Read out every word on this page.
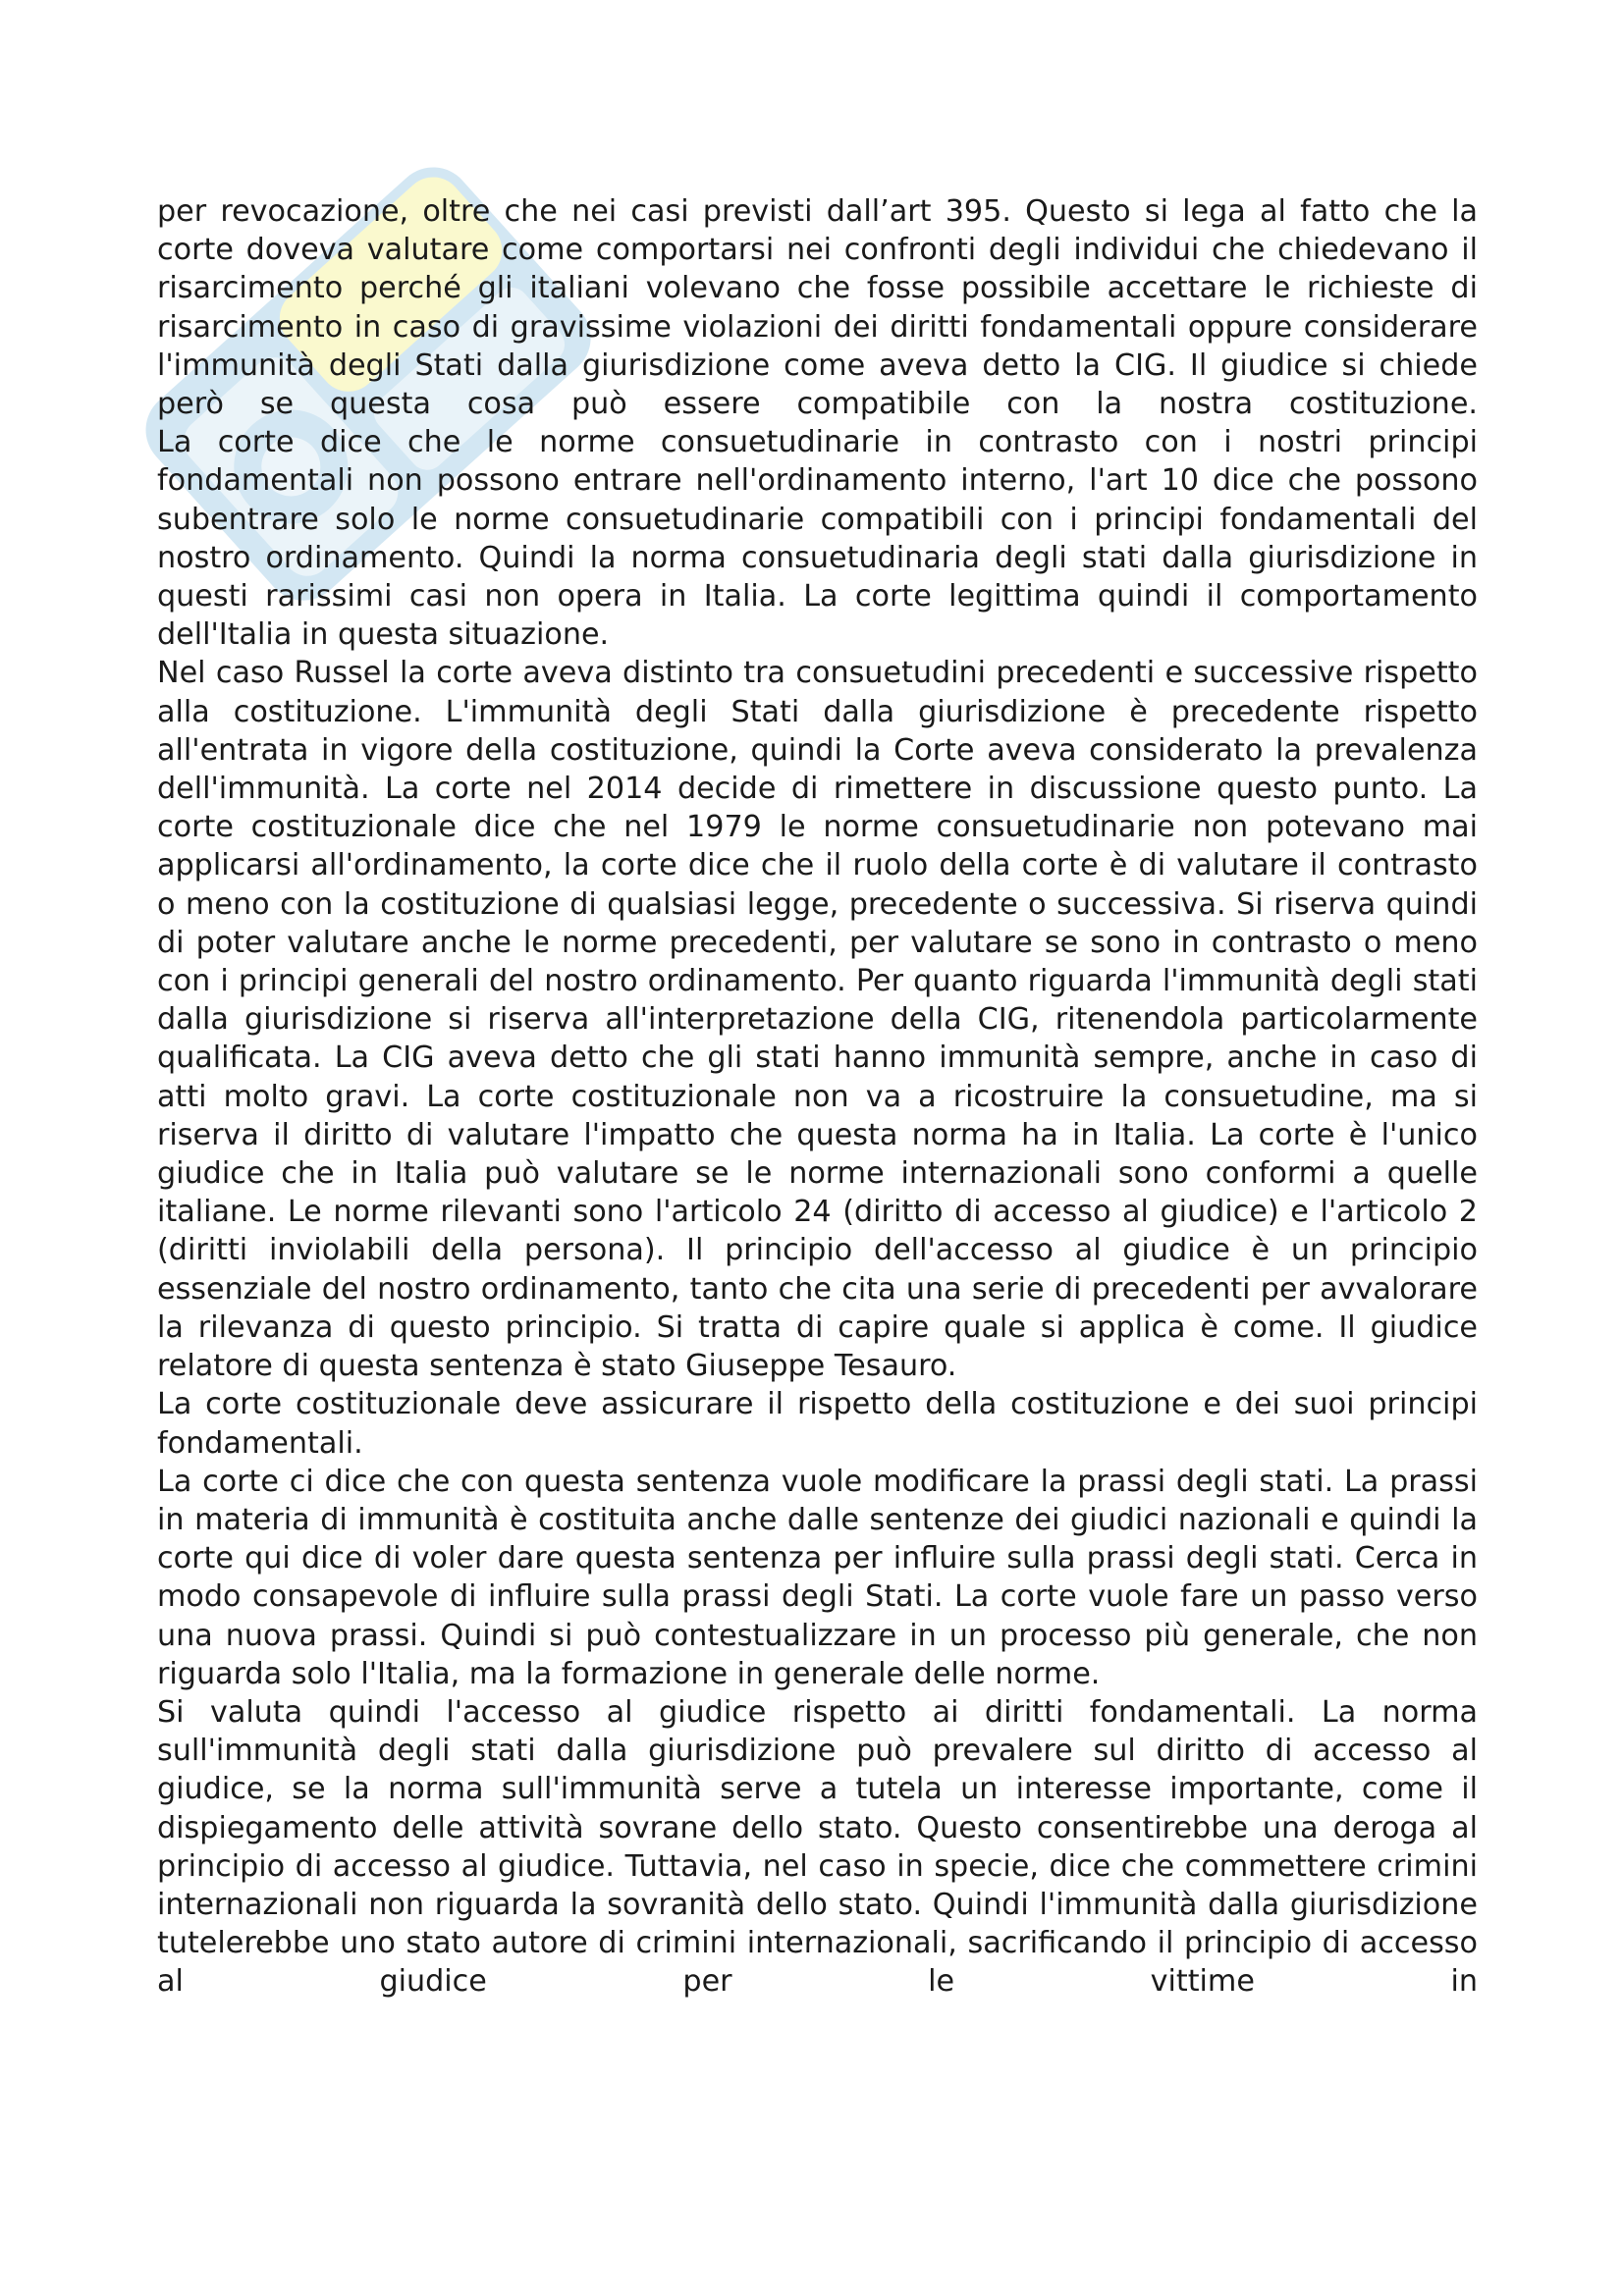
per revocazione, oltre che nei casi previsti dall’art 395. Questo si lega al fatto che la corte doveva valutare come comportarsi nei confronti degli individui che chiedevano il risarcimento perché gli italiani volevano che fosse possibile accettare le richieste di risarcimento in caso di gravissime violazioni dei diritti fondamentali oppure considerare l'immunità degli Stati dalla giurisdizione come aveva detto la CIG. Il giudice si chiede però se questa cosa può essere compatibile con la nostra costituzione.

La corte dice che le norme consuetudinarie in contrasto con i nostri principi fondamentali non possono entrare nell'ordinamento interno, l'art 10 dice che possono subentrare solo le norme consuetudinarie compatibili con i principi fondamentali del nostro ordinamento. Quindi la norma consuetudinaria degli stati dalla giurisdizione in questi rarissimi casi non opera in Italia. La corte legittima quindi il comportamento dell'Italia in questa situazione.

Nel caso Russel la corte aveva distinto tra consuetudini precedenti e successive rispetto alla costituzione. L'immunità degli Stati dalla giurisdizione è precedente rispetto all'entrata in vigore della costituzione, quindi la Corte aveva considerato la prevalenza dell'immunità. La corte nel 2014 decide di rimettere in discussione questo punto. La corte costituzionale dice che nel 1979 le norme consuetudinarie non potevano mai applicarsi all'ordinamento, la corte dice che il ruolo della corte è di valutare il contrasto o meno con la costituzione di qualsiasi legge, precedente o successiva. Si riserva quindi di poter valutare anche le norme precedenti, per valutare se sono in contrasto o meno con i principi generali del nostro ordinamento. Per quanto riguarda l'immunità degli stati dalla giurisdizione si riserva all'interpretazione della CIG, ritenendola particolarmente qualificata. La CIG aveva detto che gli stati hanno immunità sempre, anche in caso di atti molto gravi. La corte costituzionale non va a ricostruire la consuetudine, ma si riserva il diritto di valutare l'impatto che questa norma ha in Italia. La corte è l'unico giudice che in Italia può valutare se le norme internazionali sono conformi a quelle italiane. Le norme rilevanti sono l'articolo 24 (diritto di accesso al giudice) e l'articolo 2 (diritti inviolabili della persona). Il principio dell'accesso al giudice è un principio essenziale del nostro ordinamento, tanto che cita una serie di precedenti per avvalorare la rilevanza di questo principio. Si tratta di capire quale si applica è come. Il giudice relatore di questa sentenza è stato Giuseppe Tesauro.

La corte costituzionale deve assicurare il rispetto della costituzione e dei suoi principi fondamentali.

La corte ci dice che con questa sentenza vuole modificare la prassi degli stati. La prassi in materia di immunità è costituita anche dalle sentenze dei giudici nazionali e quindi la corte qui dice di voler dare questa sentenza per influire sulla prassi degli stati. Cerca in modo consapevole di influire sulla prassi degli Stati. La corte vuole fare un passo verso una nuova prassi. Quindi si può contestualizzare in un processo più generale, che non riguarda solo l'Italia, ma la formazione in generale delle norme.

Si valuta quindi l'accesso al giudice rispetto ai diritti fondamentali. La norma sull'immunità degli stati dalla giurisdizione può prevalere sul diritto di accesso al giudice, se la norma sull'immunità serve a tutela un interesse importante, come il dispiegamento delle attività sovrane dello stato. Questo consentirebbe una deroga al principio di accesso al giudice. Tuttavia, nel caso in specie, dice che commettere crimini internazionali non riguarda la sovranità dello stato. Quindi l'immunità dalla giurisdizione tutelerebbe uno stato autore di crimini internazionali, sacrificando il principio di accesso al giudice per le vittime in
